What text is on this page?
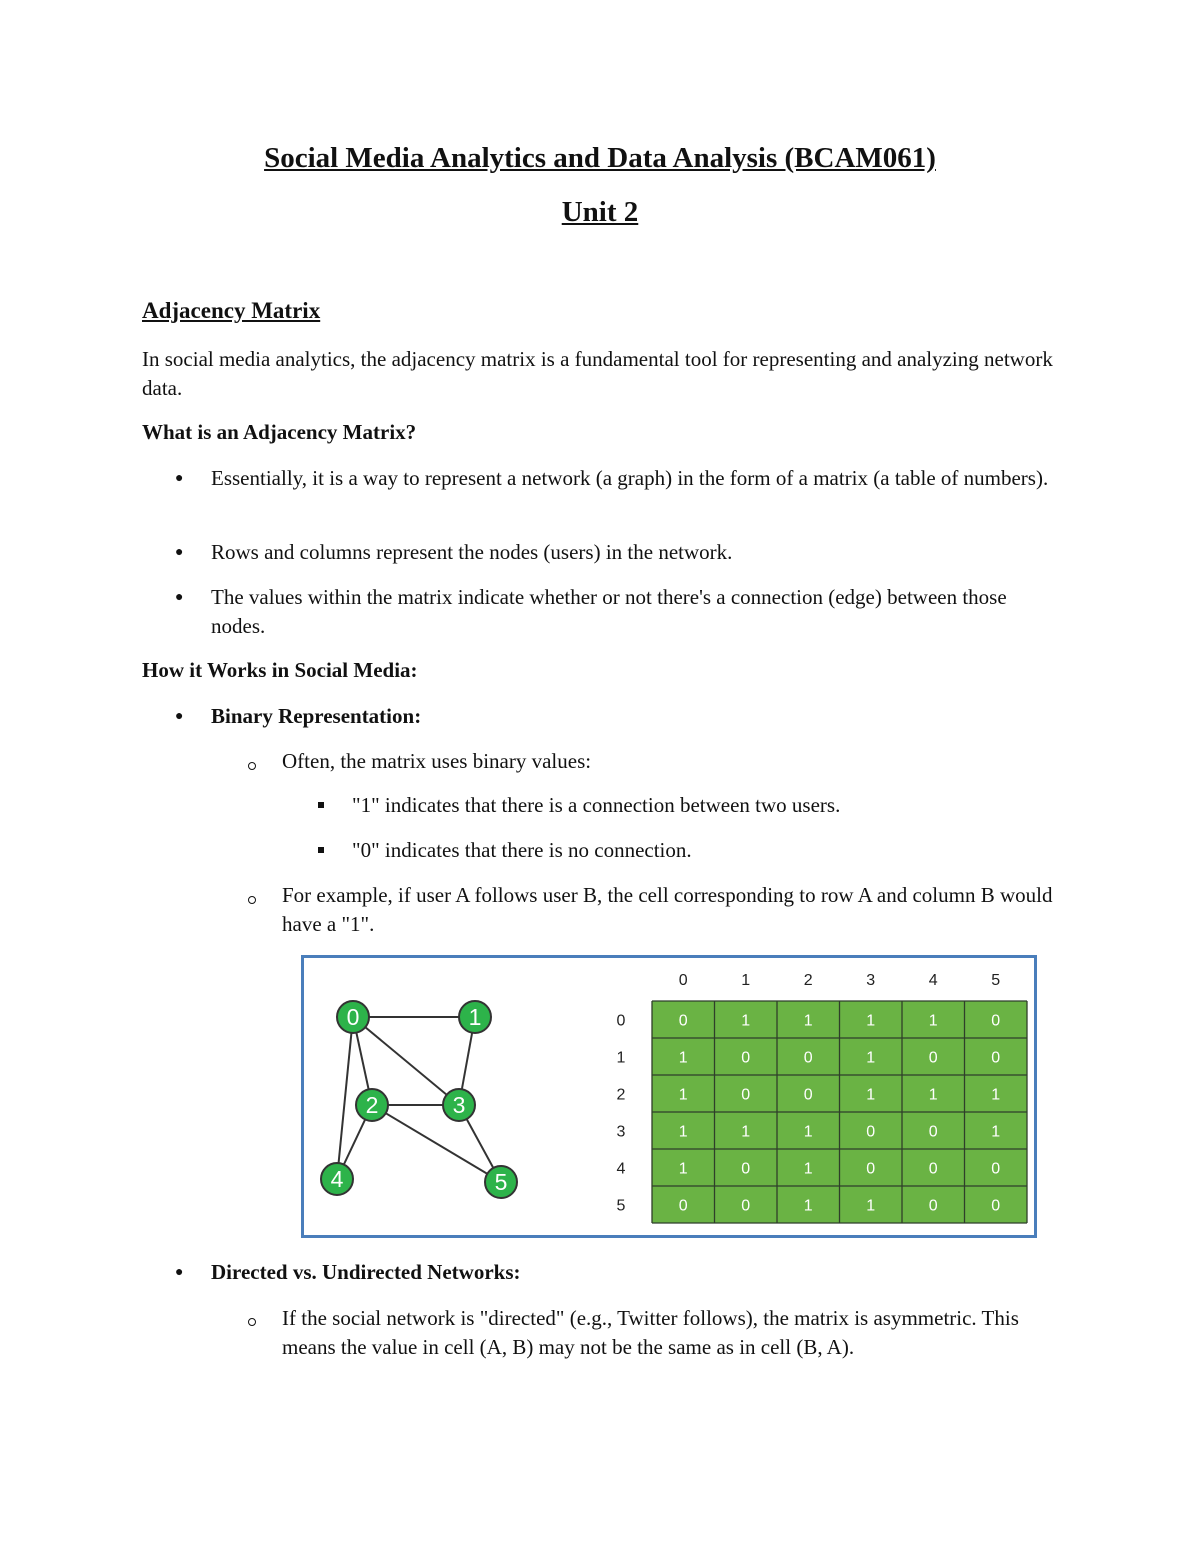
Social Media Analytics and Data Analysis (BCAM061)
Unit 2
Adjacency Matrix
In social media analytics, the adjacency matrix is a fundamental tool for representing and analyzing network data.
What is an Adjacency Matrix?
● Essentially, it is a way to represent a network (a graph) in the form of a matrix (a table of numbers).
● Rows and columns represent the nodes (users) in the network.
● The values within the matrix indicate whether or not there's a connection (edge) between those nodes.
How it Works in Social Media:
● Binary Representation:
Often, the matrix uses binary values:
"1" indicates that there is a connection between two users.
"0" indicates that there is no connection.
For example, if user A follows user B, the cell corresponding to row A and column B would have a "1".
0	1
2	3
4	5
0	1	2	3	4	5
0
1
2
3
4
5
0	1	1	1	1	0
1	0	0	1	0	0
1	0	0	1	1	1
1	1	1	0	0	1
1	0	1	0	0	0
0	0	1	1	0	0
● Directed vs. Undirected Networks:
If the social network is "directed" (e.g., Twitter follows), the matrix is asymmetric. This means the value in cell (A, B) may not be the same as in cell (B, A).
